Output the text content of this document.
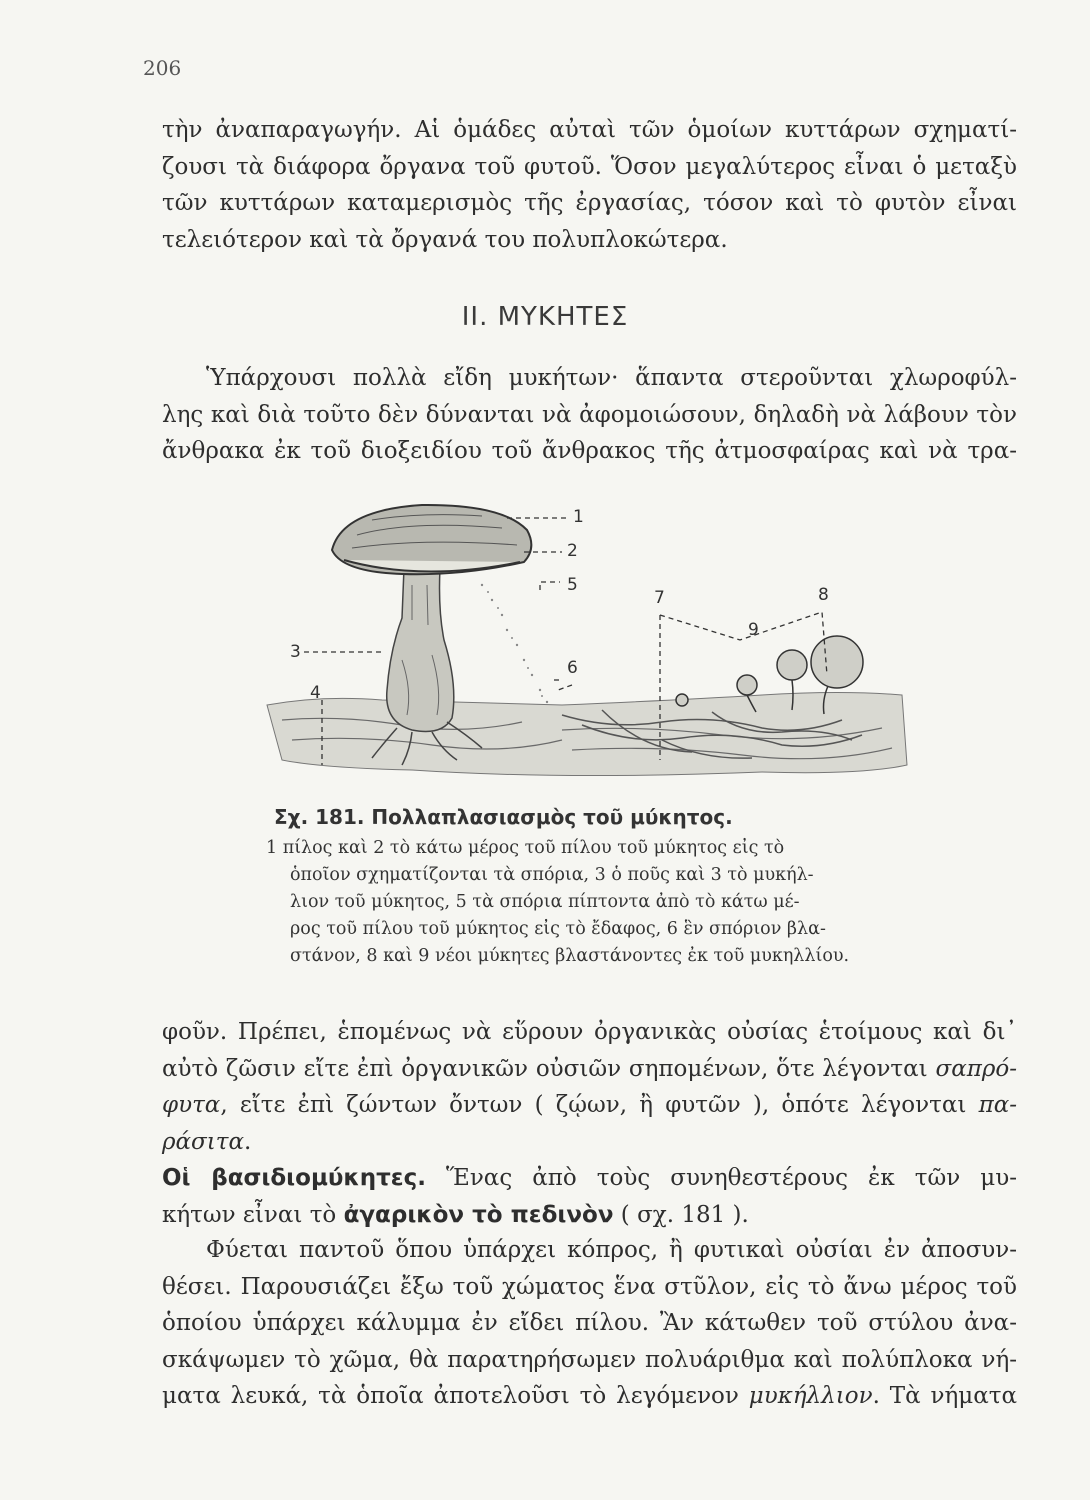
206

τὴν ἀναπαραγωγήν. Αἱ ὁμάδες αὐταὶ τῶν ὁμοίων κυττάρων σχηματί-
ζουσι τὰ διάφορα ὄργανα τοῦ φυτοῦ. Ὅσον μεγαλύτερος εἶναι ὁ μεταξὺ
τῶν κυττάρων καταμερισμὸς τῆς ἐργασίας, τόσον καὶ τὸ φυτὸν εἶναι
τελειότερον καὶ τὰ ὄργανά του πολυπλοκώτερα.

ΙΙ. ΜΥΚΗΤΕΣ

Ὑπάρχουσι πολλὰ εἴδη μυκήτων· ἅπαντα στεροῦνται χλωροφύλ-
λης καὶ διὰ τοῦτο δὲν δύνανται νὰ ἀφομοιώσουν, δηλαδὴ νὰ λάβουν τὸν
ἄνθρακα ἐκ τοῦ διοξειδίου τοῦ ἄνθρακος τῆς ἀτμοσφαίρας καὶ νὰ τρα-

1
2
3
4
5
6
7	8
9
Σχ. 181. Πολλαπλασιασμὸς τοῦ μύκητος.
1 πίλος καὶ 2 τὸ κάτω μέρος τοῦ πίλου τοῦ μύκητος εἰς τὸ
ὁποῖον σχηματίζονται τὰ σπόρια, 3 ὁ ποῦς καὶ 3 τὸ μυκήλ-
λιον τοῦ μύκητος, 5 τὰ σπόρια πίπτοντα ἀπὸ τὸ κάτω μέ-
ρος τοῦ πίλου τοῦ μύκητος εἰς τὸ ἔδαφος, 6 ἓν σπόριον βλα-
στάνον, 8 καὶ 9 νέοι μύκητες βλαστάνοντες ἐκ τοῦ μυκηλλίου.

φοῦν. Πρέπει, ἑπομένως νὰ εὕρουν ὀργανικὰς οὐσίας ἑτοίμους καὶ δι᾽
αὐτὸ ζῶσιν εἴτε ἐπὶ ὀργανικῶν οὐσιῶν σηπομένων, ὅτε λέγονται σαπρό-
φυτα, εἴτε ἐπὶ ζώντων ὄντων ( ζῴων, ἢ φυτῶν ), ὁπότε λέγονται πα-
ράσιτα.

Οἱ βασιδιομύκητες. Ἕνας ἀπὸ τοὺς συνηθεστέρους ἐκ τῶν μυ-
κήτων εἶναι τὸ ἀγαρικὸν τὸ πεδινὸν ( σχ. 181 ).

Φύεται παντοῦ ὅπου ὑπάρχει κόπρος, ἢ φυτικαὶ οὐσίαι ἐν ἀποσυν-
θέσει. Παρουσιάζει ἔξω τοῦ χώματος ἕνα στῦλον, εἰς τὸ ἄνω μέρος τοῦ
ὁποίου ὑπάρχει κάλυμμα ἐν εἴδει πίλου. Ἂν κάτωθεν τοῦ στύλου ἀνα-
σκάψωμεν τὸ χῶμα, θὰ παρατηρήσωμεν πολυάριθμα καὶ πολύπλοκα νή-
ματα λευκά, τὰ ὁποῖα ἀποτελοῦσι τὸ λεγόμενον μυκήλλιον. Τὰ νήματα
